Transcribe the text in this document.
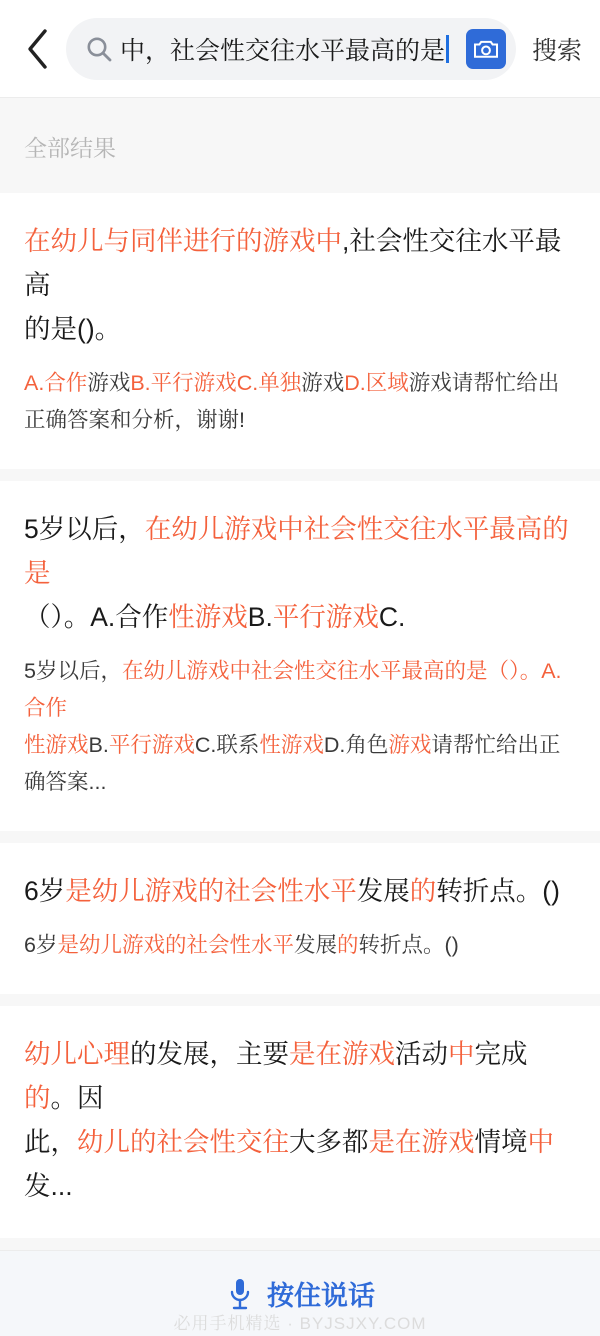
中，社会性交往水平最高的是	搜索
全部结果
在幼儿与同伴进行的游戏中,社会性交往水平最高
的是()。
A.合作游戏B.平行游戏C.单独游戏D.区域游戏请帮忙给出正确答案和分析，谢谢!
5岁以后，在幼儿游戏中社会性交往水平最高的是
（）。A.合作性游戏B.平行游戏C.
5岁以后，在幼儿游戏中社会性交往水平最高的是（）。A.合作
性游戏B.平行游戏C.联系性游戏D.角色游戏请帮忙给出正确答案...
6岁是幼儿游戏的社会性水平发展的转折点。()
6岁是幼儿游戏的社会性水平发展的转折点。()
幼儿心理的发展，主要是在游戏活动中完成的。因
此，幼儿的社会性交往大多都是在游戏情境中发...
按住说话
必用手机精选 · BYJSJXY.COM
